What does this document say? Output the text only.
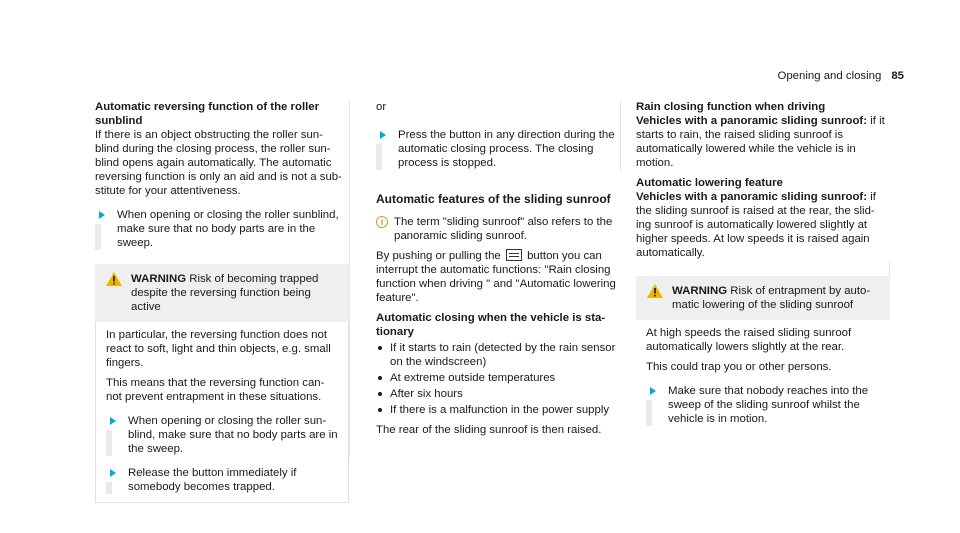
Opening and closing 85

Automatic reversing function of the roller sunblind

If there is an object obstructing the roller sun- blind during the closing process, the roller sun- blind opens again automatically. The automatic reversing function is only an aid and is not a sub- stitute for your attentiveness.

When opening or closing the roller sunblind, make sure that no body parts are in the sweep.

WARNING Risk of becoming trapped despite the reversing function being active

In particular, the reversing function does not react to soft, light and thin objects, e.g. small fingers.

This means that the reversing function can- not prevent entrapment in these situations.

When opening or closing the roller sun- blind, make sure that no body parts are in the sweep.

Release the button immediately if somebody becomes trapped.

or

Press the button in any direction during the automatic closing process. The closing process is stopped.

Automatic features of the sliding sunroof

i The term "sliding sunroof" also refers to the panoramic sliding sunroof.

By pushing or pulling the button you can interrupt the automatic functions: "Rain closing function when driving " and "Automatic lowering feature".

Automatic closing when the vehicle is sta- tionary

If it starts to rain (detected by the rain sensor on the windscreen)
At extreme outside temperatures
After six hours
If there is a malfunction in the power supply

The rear of the sliding sunroof is then raised.

Rain closing function when driving

Vehicles with a panoramic sliding sunroof: if it starts to rain, the raised sliding sunroof is automatically lowered while the vehicle is in motion.

Automatic lowering feature

Vehicles with a panoramic sliding sunroof: if the sliding sunroof is raised at the rear, the slid- ing sunroof is automatically lowered slightly at higher speeds. At low speeds it is raised again automatically.

WARNING Risk of entrapment by auto- matic lowering of the sliding sunroof

At high speeds the raised sliding sunroof automatically lowers slightly at the rear.

This could trap you or other persons.

Make sure that nobody reaches into the sweep of the sliding sunroof whilst the vehicle is in motion.
